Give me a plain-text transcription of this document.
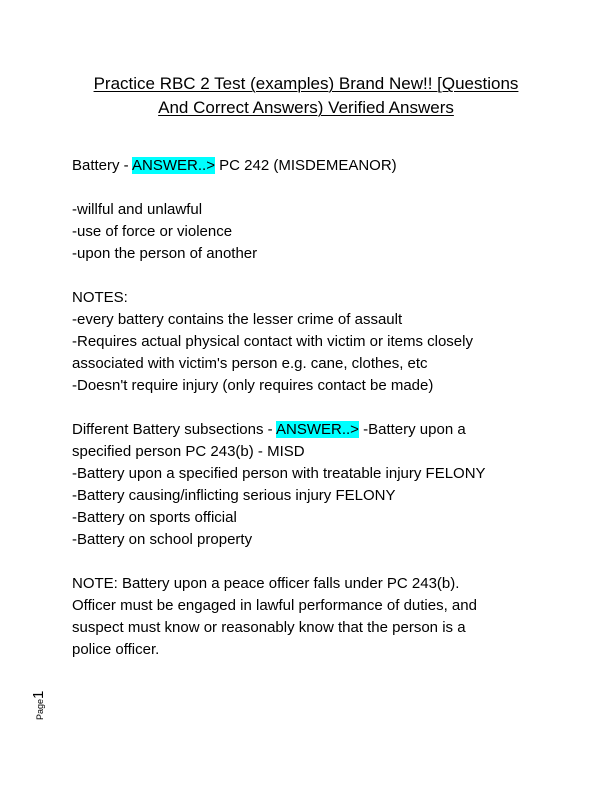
Practice RBC 2 Test (examples) Brand New!! [Questions
And Correct Answers) Verified Answers
Battery - ANSWER..> PC 242 (MISDEMEANOR)
-willful and unlawful
-use of force or violence
-upon the person of another
NOTES:
-every battery contains the lesser crime of assault
-Requires actual physical contact with victim or items closely
associated with victim's person e.g. cane, clothes, etc
-Doesn't require injury (only requires contact be made)
Different Battery subsections - ANSWER..> -Battery upon a
specified person PC 243(b) - MISD
-Battery upon a specified person with treatable injury FELONY
-Battery causing/inflicting serious injury FELONY
-Battery on sports official
-Battery on school property
NOTE: Battery upon a peace officer falls under PC 243(b).
Officer must be engaged in lawful performance of duties, and
suspect must know or reasonably know that the person is a
police officer.
Page1
